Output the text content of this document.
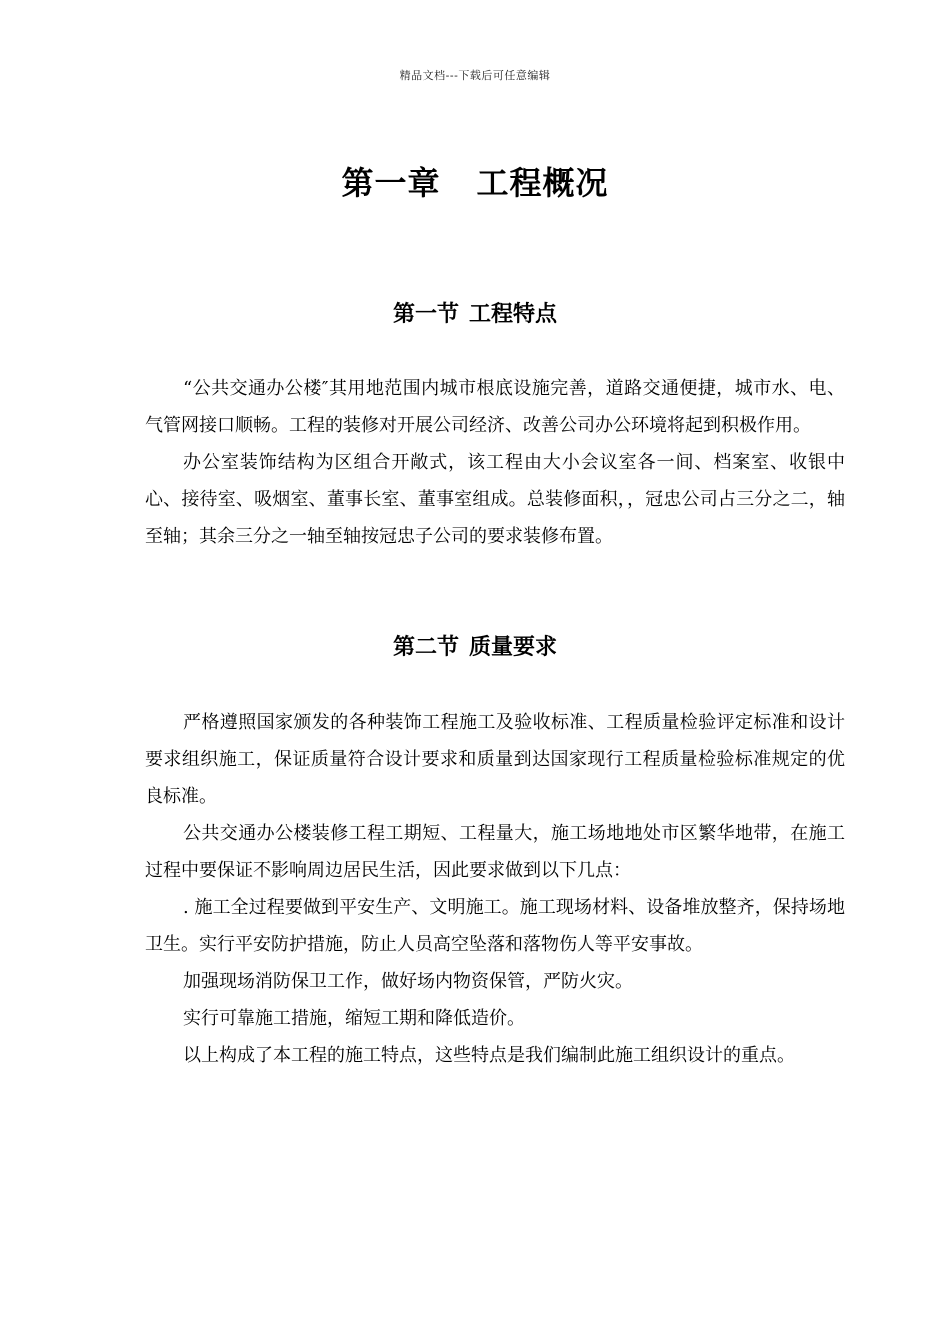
精品文档---下载后可任意编辑
第一章 工程概况
第一节 工程特点

“公共交通办公楼″其用地范围内城市根底设施完善，道路交通便捷，城市水、电、气管网接口顺畅。工程的装修对开展公司经济、改善公司办公环境将起到积极作用。

办公室装饰结构为区组合开敞式，该工程由大小会议室各一间、档案室、收银中心、接待室、吸烟室、董事长室、董事室组成。总装修面积，，冠忠公司占三分之二，轴至轴；其余三分之一轴至轴按冠忠子公司的要求装修布置。

第二节 质量要求

严格遵照国家颁发的各种装饰工程施工及验收标准、工程质量检验评定标准和设计要求组织施工，保证质量符合设计要求和质量到达国家现行工程质量检验标准规定的优良标准。

公共交通办公楼装修工程工期短、工程量大，施工场地地处市区繁华地带，在施工过程中要保证不影响周边居民生活，因此要求做到以下几点：

. 施工全过程要做到平安生产、文明施工。施工现场材料、设备堆放整齐，保持场地卫生。实行平安防护措施，防止人员高空坠落和落物伤人等平安事故。

加强现场消防保卫工作，做好场内物资保管，严防火灾。

实行可靠施工措施，缩短工期和降低造价。

以上构成了本工程的施工特点，这些特点是我们编制此施工组织设计的重点。
